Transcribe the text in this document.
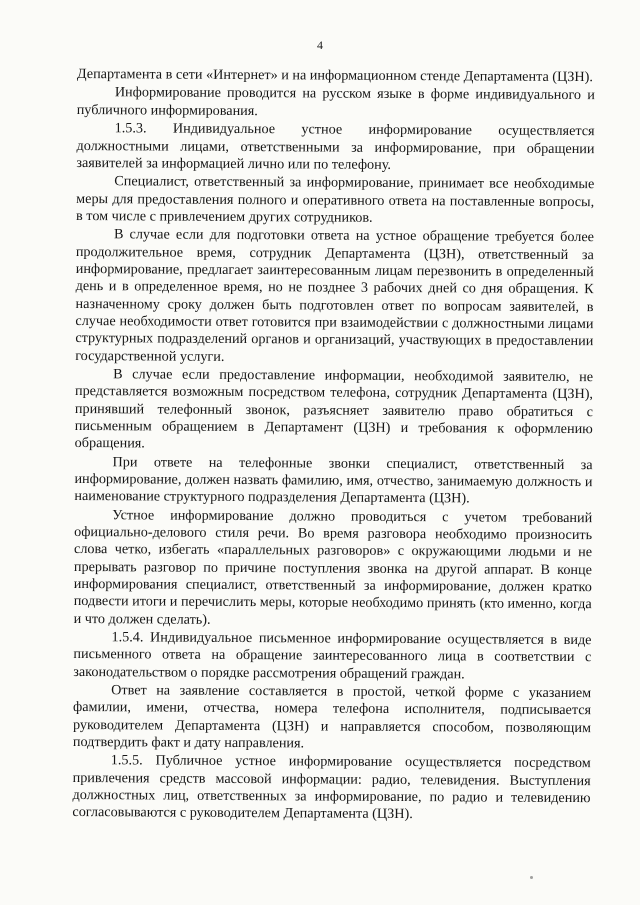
4

Департамента в сети «Интернет» и на информационном стенде Департамента (ЦЗН).

Информирование проводится на русском языке в форме индивидуального и публичного информирования.

1.5.3. Индивидуальное устное информирование осуществляется должностными лицами, ответственными за информирование, при обращении заявителей за информацией лично или по телефону.

Специалист, ответственный за информирование, принимает все необходимые меры для предоставления полного и оперативного ответа на поставленные вопросы, в том числе с привлечением других сотрудников.

В случае если для подготовки ответа на устное обращение требуется более продолжительное время, сотрудник Департамента (ЦЗН), ответственный за информирование, предлагает заинтересованным лицам перезвонить в определенный день и в определенное время, но не позднее 3 рабочих дней со дня обращения. К назначенному сроку должен быть подготовлен ответ по вопросам заявителей, в случае необходимости ответ готовится при взаимодействии с должностными лицами структурных подразделений органов и организаций, участвующих в предоставлении государственной услуги.

В случае если предоставление информации, необходимой заявителю, не представляется возможным посредством телефона, сотрудник Департамента (ЦЗН), принявший телефонный звонок, разъясняет заявителю право обратиться с письменным обращением в Департамент (ЦЗН) и требования к оформлению обращения.

При ответе на телефонные звонки специалист, ответственный за информирование, должен назвать фамилию, имя, отчество, занимаемую должность и наименование структурного подразделения Департамента (ЦЗН).

Устное информирование должно проводиться с учетом требований официально-делового стиля речи. Во время разговора необходимо произносить слова четко, избегать «параллельных разговоров» с окружающими людьми и не прерывать разговор по причине поступления звонка на другой аппарат. В конце информирования специалист, ответственный за информирование, должен кратко подвести итоги и перечислить меры, которые необходимо принять (кто именно, когда и что должен сделать).

1.5.4. Индивидуальное письменное информирование осуществляется в виде письменного ответа на обращение заинтересованного лица в соответствии с законодательством о порядке рассмотрения обращений граждан.

Ответ на заявление составляется в простой, четкой форме с указанием фамилии, имени, отчества, номера телефона исполнителя, подписывается руководителем Департамента (ЦЗН) и направляется способом, позволяющим подтвердить факт и дату направления.

1.5.5. Публичное устное информирование осуществляется посредством привлечения средств массовой информации: радио, телевидения. Выступления должностных лиц, ответственных за информирование, по радио и телевидению согласовываются с руководителем Департамента (ЦЗН).
